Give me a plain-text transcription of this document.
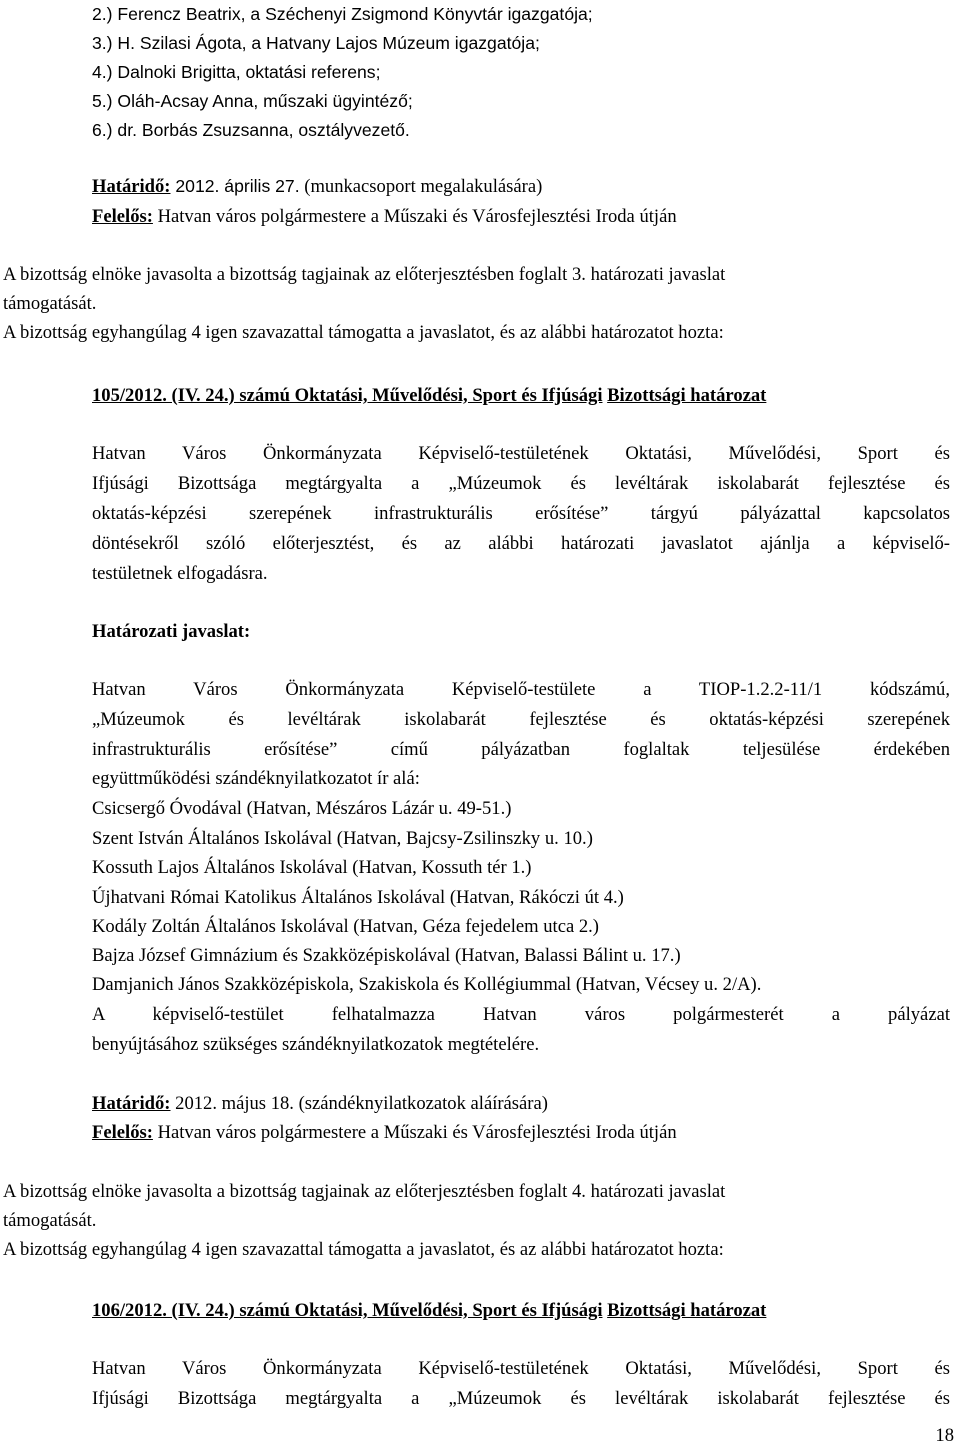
2.) Ferencz Beatrix, a Széchenyi Zsigmond Könyvtár igazgatója;
3.) H. Szilasi Ágota, a Hatvany Lajos Múzeum igazgatója;
4.) Dalnoki Brigitta, oktatási referens;
5.) Oláh-Acsay Anna, műszaki ügyintéző;
6.) dr. Borbás Zsuzsanna, osztályvezető.
Határidő: 2012. április 27. (munkacsoport megalakulására)
Felelős: Hatvan város polgármestere a Műszaki és Városfejlesztési Iroda útján
A bizottság elnöke javasolta a bizottság tagjainak az előterjesztésben foglalt 3. határozati javaslat
támogatását.
A bizottság egyhangúlag 4 igen szavazattal támogatta a javaslatot, és az alábbi határozatot hozta:
105/2012. (IV. 24.) számú Oktatási, Művelődési, Sport és Ifjúsági Bizottsági határozat
Hatvan Város Önkormányzata Képviselő-testületének Oktatási, Művelődési, Sport és
Ifjúsági Bizottsága megtárgyalta a „Múzeumok és levéltárak iskolabarát fejlesztése és
oktatás-képzési szerepének infrastrukturális erősítése” tárgyú pályázattal kapcsolatos
döntésekről szóló előterjesztést, és az alábbi határozati javaslatot ajánlja a képviselő-
testületnek elfogadásra.
Határozati javaslat:
Hatvan Város Önkormányzata Képviselő-testülete a TIOP-1.2.2-11/1 kódszámú,
„Múzeumok és levéltárak iskolabarát fejlesztése és oktatás-képzési szerepének
infrastrukturális erősítése” című pályázatban foglaltak teljesülése érdekében
együttműködési szándéknyilatkozatot ír alá:
Csicsergő Óvodával (Hatvan, Mészáros Lázár u. 49-51.)
Szent István Általános Iskolával (Hatvan, Bajcsy-Zsilinszky u. 10.)
Kossuth Lajos Általános Iskolával (Hatvan, Kossuth tér 1.)
Újhatvani Római Katolikus Általános Iskolával (Hatvan, Rákóczi út 4.)
Kodály Zoltán Általános Iskolával (Hatvan, Géza fejedelem utca 2.)
Bajza József Gimnázium és Szakközépiskolával (Hatvan, Balassi Bálint u. 17.)
Damjanich János Szakközépiskola, Szakiskola és Kollégiummal (Hatvan, Vécsey u. 2/A).
A képviselő-testület felhatalmazza Hatvan város polgármesterét a pályázat
benyújtásához szükséges szándéknyilatkozatok megtételére.
Határidő: 2012. május 18. (szándéknyilatkozatok aláírására)
Felelős: Hatvan város polgármestere a Műszaki és Városfejlesztési Iroda útján
A bizottság elnöke javasolta a bizottság tagjainak az előterjesztésben foglalt 4. határozati javaslat
támogatását.
A bizottság egyhangúlag 4 igen szavazattal támogatta a javaslatot, és az alábbi határozatot hozta:
106/2012. (IV. 24.) számú Oktatási, Művelődési, Sport és Ifjúsági Bizottsági határozat
Hatvan Város Önkormányzata Képviselő-testületének Oktatási, Művelődési, Sport és
Ifjúsági Bizottsága megtárgyalta a „Múzeumok és levéltárak iskolabarát fejlesztése és
18
